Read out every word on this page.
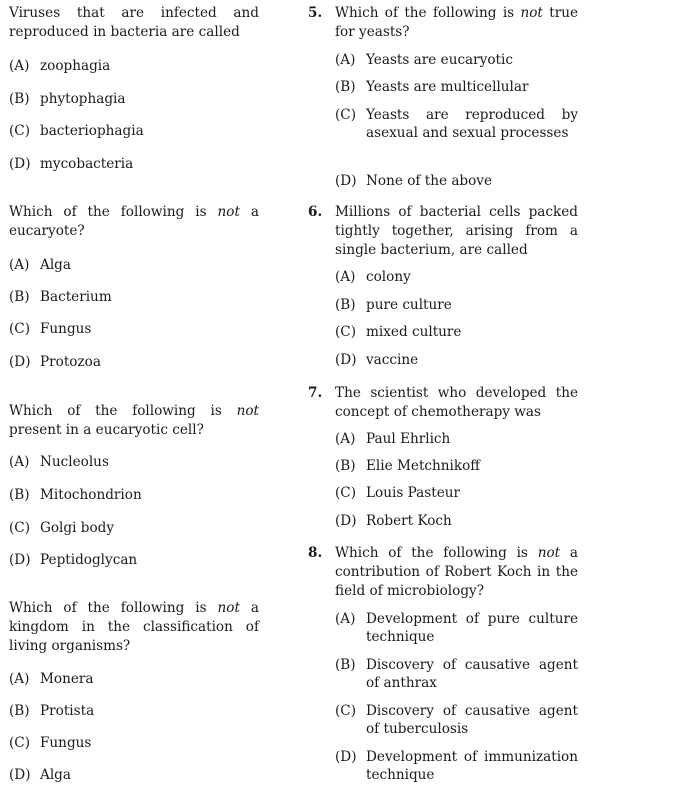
Viruses that are infected and reproduced in bacteria are called
(A) zoophagia
(B) phytophagia
(C) bacteriophagia
(D) mycobacteria
Which of the following is not a eucaryote?
(A) Alga
(B) Bacterium
(C) Fungus
(D) Protozoa
Which of the following is not present in a eucaryotic cell?
(A) Nucleolus
(B) Mitochondrion
(C) Golgi body
(D) Peptidoglycan
Which of the following is not a kingdom in the classification of living organisms?
(A) Monera
(B) Protista
(C) Fungus
(D) Alga
5. Which of the following is not true for yeasts?
(A) Yeasts are eucaryotic
(B) Yeasts are multicellular
(C) Yeasts are reproduced by asexual and sexual processes
(D) None of the above
6. Millions of bacterial cells packed tightly together, arising from a single bacterium, are called
(A) colony
(B) pure culture
(C) mixed culture
(D) vaccine
7. The scientist who developed the concept of chemotherapy was
(A) Paul Ehrlich
(B) Elie Metchnikoff
(C) Louis Pasteur
(D) Robert Koch
8. Which of the following is not a contribution of Robert Koch in the field of microbiology?
(A) Development of pure culture technique
(B) Discovery of causative agent of anthrax
(C) Discovery of causative agent of tuberculosis
(D) Development of immunization technique
